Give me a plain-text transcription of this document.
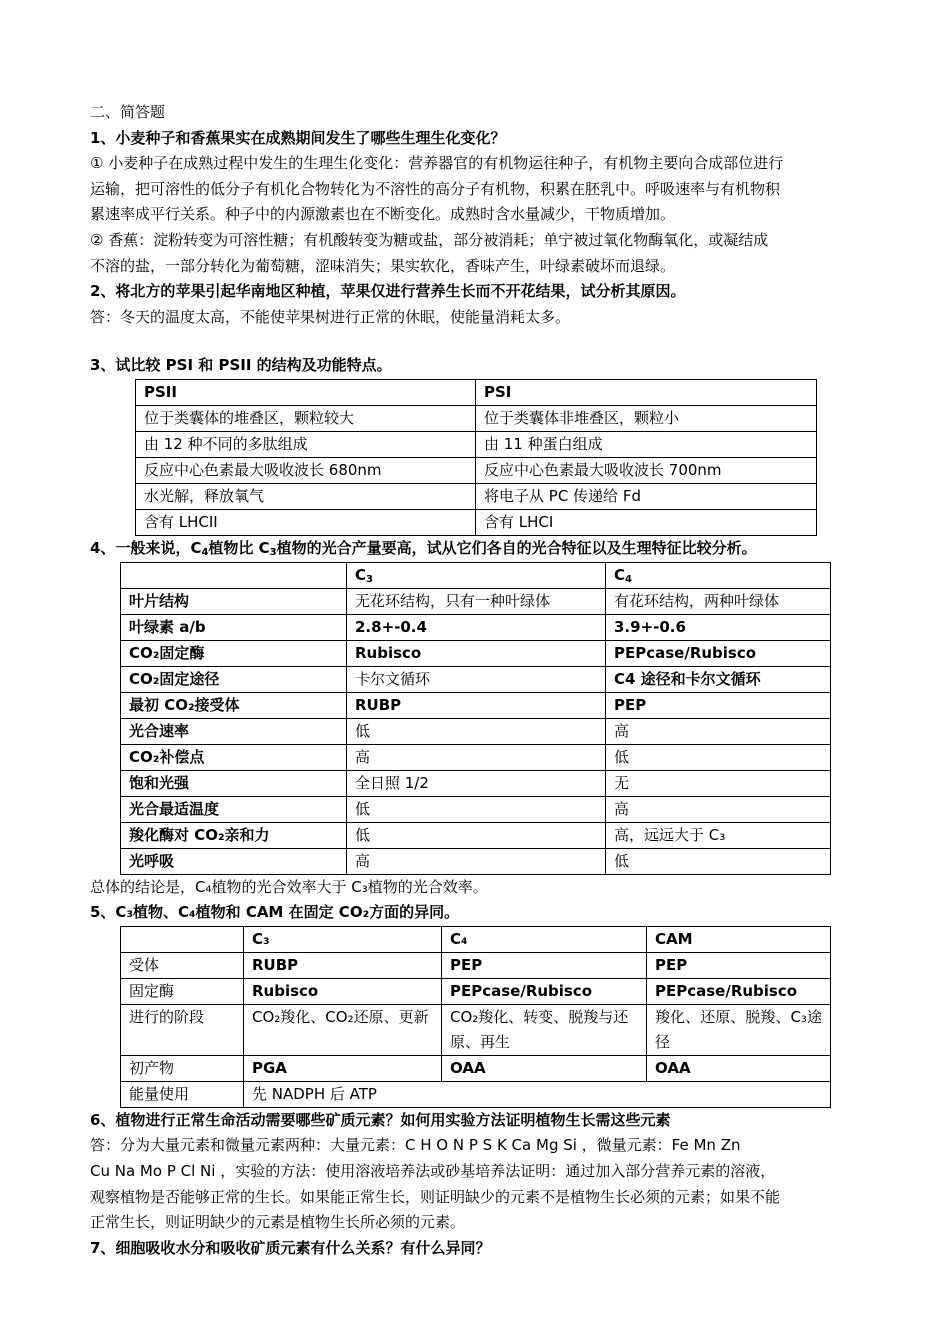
二、简答题

1、小麦种子和香蕉果实在成熟期间发生了哪些生理生化变化？

① 小麦种子在成熟过程中发生的生理生化变化：营养器官的有机物运往种子，有机物主要向合成部位进行

运输，把可溶性的低分子有机化合物转化为不溶性的高分子有机物，积累在胚乳中。呼吸速率与有机物积

累速率成平行关系。种子中的内源激素也在不断变化。成熟时含水量减少，干物质增加。

② 香蕉：淀粉转变为可溶性糖；有机酸转变为糖或盐，部分被消耗；单宁被过氧化物酶氧化，或凝结成

不溶的盐，一部分转化为葡萄糖，涩味消失；果实软化，香味产生，叶绿素破坏而退绿。

2、将北方的苹果引起华南地区种植，苹果仅进行营养生长而不开花结果，试分析其原因。

答：冬天的温度太高，不能使苹果树进行正常的休眠，使能量消耗太多。

3、试比较 PSI 和 PSII 的结构及功能特点。

PSII	PSI
位于类囊体的堆叠区，颗粒较大	位于类囊体非堆叠区，颗粒小
由 12 种不同的多肽组成	由 11 种蛋白组成
反应中心色素最大吸收波长 680nm	反应中心色素最大吸收波长 700nm
水光解，释放氧气	将电子从 PC 传递给 Fd
含有 LHCII	含有 LHCI

4、一般来说，$C_4$植物比 $C_3$植物的光合产量要高，试从它们各自的光合特征以及生理特征比较分析。

	$C_3$	$C_4$
叶片结构	无花环结构，只有一种叶绿体	有花环结构，两种叶绿体
叶绿素 a/b	2.8+-0.4	3.9+-0.6
CO₂固定酶	Rubisco	PEPcase/Rubisco
CO₂固定途径	卡尔文循环	C4 途径和卡尔文循环
最初 CO₂接受体	RUBP	PEP
光合速率	低	高
CO₂补偿点	高	低
饱和光强	全日照 1/2	无
光合最适温度	低	高
羧化酶对 CO₂亲和力	低	高，远远大于 C₃
光呼吸	高	低

总体的结论是，C₄植物的光合效率大于 C₃植物的光合效率。

5、C₃植物、C₄植物和 CAM 在固定 CO₂方面的异同。

	C₃	C₄	CAM
受体	RUBP	PEP	PEP
固定酶	Rubisco	PEPcase/Rubisco	PEPcase/Rubisco
进行的阶段	CO₂羧化、CO₂还原、更新	CO₂羧化、转变、脱羧与还原、再生	羧化、还原、脱羧、C₃途径
初产物	PGA	OAA	OAA
能量使用	先 NADPH 后 ATP		

6、植物进行正常生命活动需要哪些矿质元素？如何用实验方法证明植物生长需这些元素

答：分为大量元素和微量元素两种：大量元素：C H O N P S K Ca Mg Si ，微量元素：Fe Mn Zn

Cu Na Mo P Cl Ni ，实验的方法：使用溶液培养法或砂基培养法证明：通过加入部分营养元素的溶液，

观察植物是否能够正常的生长。如果能正常生长，则证明缺少的元素不是植物生长必须的元素；如果不能

正常生长，则证明缺少的元素是植物生长所必须的元素。

7、细胞吸收水分和吸收矿质元素有什么关系？有什么异同？
